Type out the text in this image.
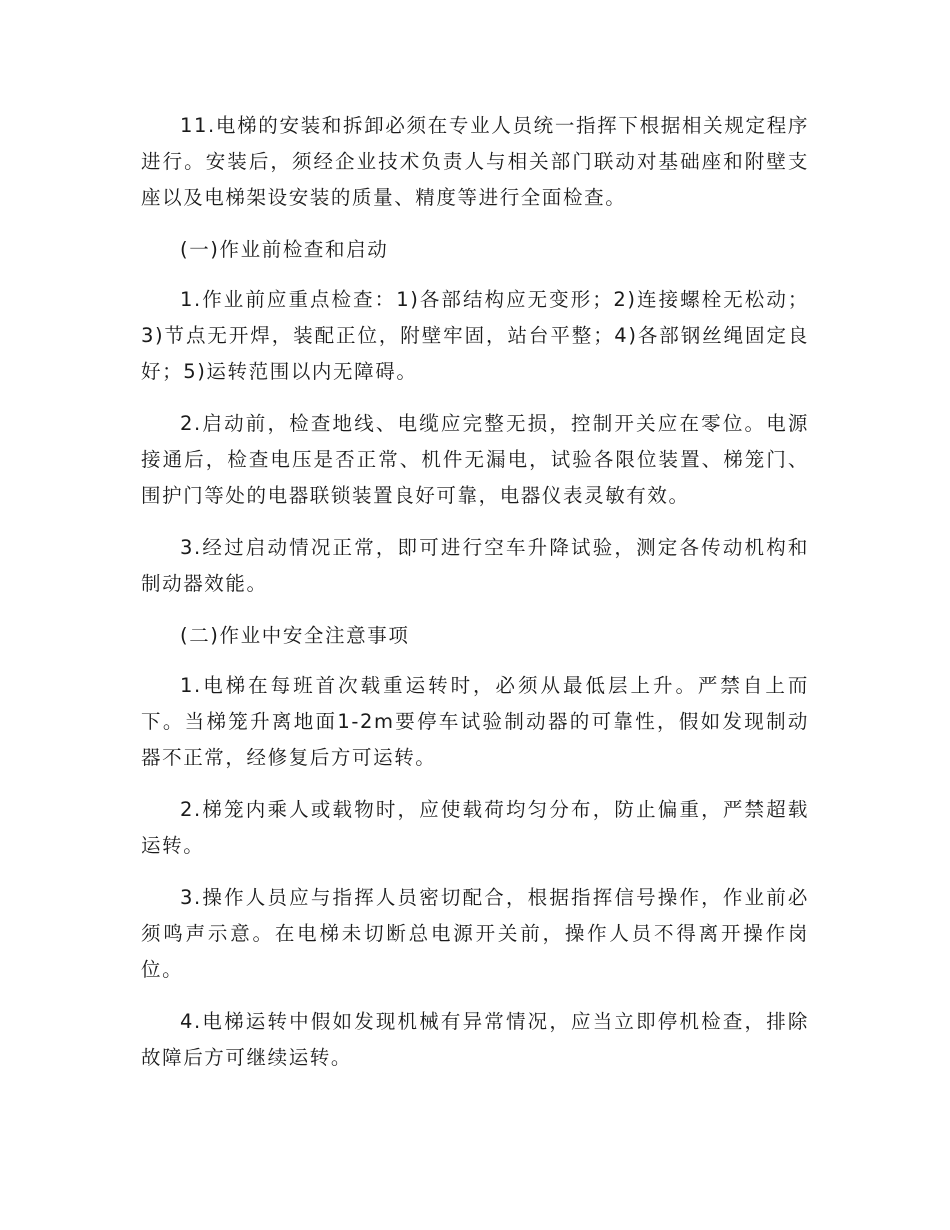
11.电梯的安装和拆卸必须在专业人员统一指挥下根据相关规定程序进行。安装后，须经企业技术负责人与相关部门联动对基础座和附壁支座以及电梯架设安装的质量、精度等进行全面检查。

(一)作业前检查和启动

1.作业前应重点检查：1)各部结构应无变形；2)连接螺栓无松动；3)节点无开焊，装配正位，附壁牢固，站台平整；4)各部钢丝绳固定良好；5)运转范围以内无障碍。

2.启动前，检查地线、电缆应完整无损，控制开关应在零位。电源接通后，检查电压是否正常、机件无漏电，试验各限位装置、梯笼门、围护门等处的电器联锁装置良好可靠，电器仪表灵敏有效。

3.经过启动情况正常，即可进行空车升降试验，测定各传动机构和制动器效能。

(二)作业中安全注意事项

1.电梯在每班首次载重运转时，必须从最低层上升。严禁自上而下。当梯笼升离地面1-2m要停车试验制动器的可靠性，假如发现制动器不正常，经修复后方可运转。

2.梯笼内乘人或载物时，应使载荷均匀分布，防止偏重，严禁超载运转。

3.操作人员应与指挥人员密切配合，根据指挥信号操作，作业前必须鸣声示意。在电梯未切断总电源开关前，操作人员不得离开操作岗位。

4.电梯运转中假如发现机械有异常情况，应当立即停机检查，排除故障后方可继续运转。
